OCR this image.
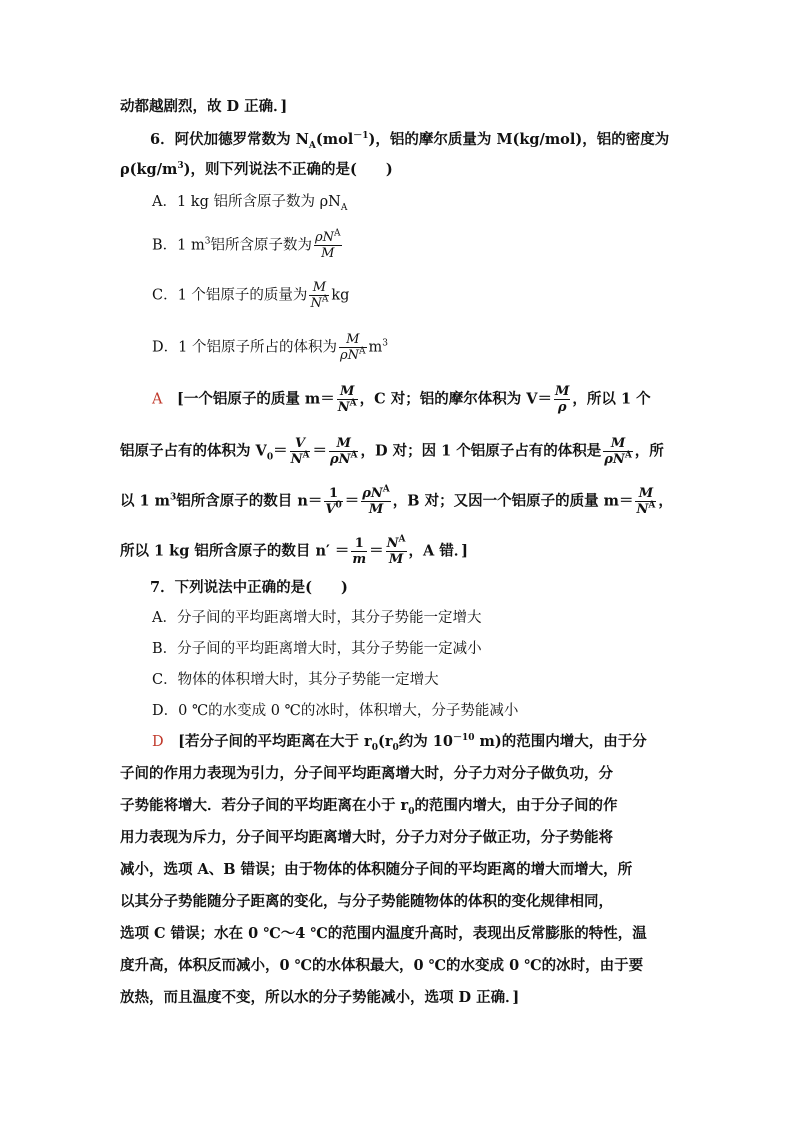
动都越剧烈，故 D 正确．]
6．阿伏加德罗常数为 $N_A(mol^{-1})$，铝的摩尔质量为 M(kg/mol)，铝的密度为
$\rho(kg/m^3)$，则下列说法不正确的是(　　)
A．1 kg 铝所含原子数为 $\rho N_A$
B．1 $m^3$铝所含原子数为 $\frac{\rho N^A}{M}$
C．1 个铝原子的质量为 $\frac{M}{N^A}$ kg
D．1 个铝原子所占的体积为 $\frac{M}{\rho N^A} m^3$
A　 [一个铝原子的质量 $m= \frac{M}{N^A}$ ，C 对；铝的摩尔体积为 $V= \frac{M}{\rho}$ ，所以 1 个
铝原子占有的体积为 $V_0= \frac{V}{N^A} = \frac{M}{\rho N^A}$ ，D 对；因 1 个铝原子占有的体积是 $\frac{M}{\rho N^A}$ ，所
以 1 $m^3$铝所含原子的数目 $n= \frac{1}{V^0} = \frac{\rho N^A}{M}$ ，B 对；又因一个铝原子的质量 $m= \frac{M}{N^A}$ ，
所以 1 kg 铝所含原子的数目 $n' = \frac{1}{m} = \frac{N^A}{M}$ ，A 错．]
7．下列说法中正确的是(　　)
A．分子间的平均距离增大时，其分子势能一定增大
B．分子间的平均距离增大时，其分子势能一定减小
C．物体的体积增大时，其分子势能一定增大
D．0 ℃的水变成 0 ℃的冰时，体积增大，分子势能减小
D　 [若分子间的平均距离在大于 $r_0(r_0$约为 $10^{-10}$ m)的范围内增大，由于分
子间的作用力表现为引力，分子间平均距离增大时，分子力对分子做负功，分
子势能将增大．若分子间的平均距离在小于 $r_0$的范围内增大，由于分子间的作
用力表现为斥力，分子间平均距离增大时，分子力对分子做正功，分子势能将
减小，选项 A、B 错误；由于物体的体积随分子间的平均距离的增大而增大，所
以其分子势能随分子距离的变化，与分子势能随物体的体积的变化规律相同，
选项 C 错误；水在 0 ℃～4 ℃的范围内温度升高时，表现出反常膨胀的特性，温
度升高，体积反而减小，0 ℃的水体积最大，0 ℃的水变成 0 ℃的冰时，由于要
放热，而且温度不变，所以水的分子势能减小，选项 D 正确．]
